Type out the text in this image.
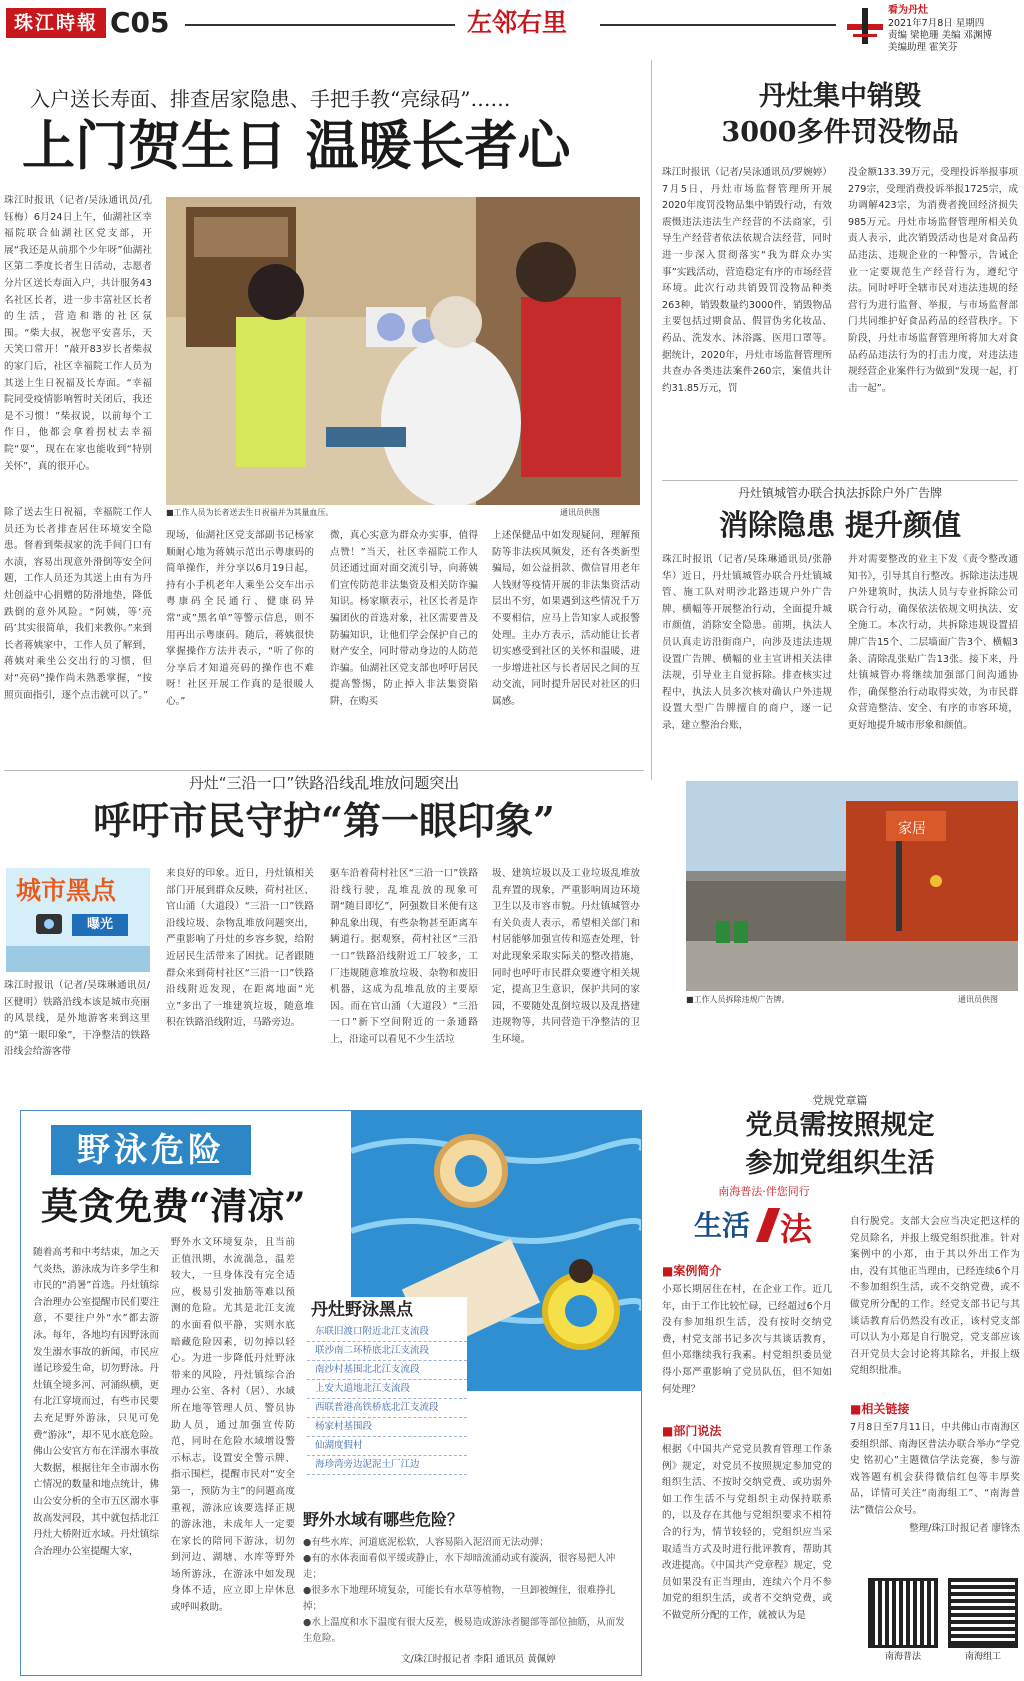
珠江時報 C05	左邻右里	看为丹灶
2021年7月8日 星期四
责编 梁艳珊 美编 邓渊博
美编助理 霍笑芬
入户送长寿面、排查居家隐患、手把手教“亮绿码”……
上门贺生日 温暖长者心
珠江时报讯（记者/吴泳通讯员/孔钰梅）6月24日上午，仙湖社区幸福院联合仙湖社区党支部，开展“我还是从前那个少年呀”仙湖社区第二季度长者生日活动，志愿者分片区送长寿面入户，共计服务43名社区长者，进一步丰富社区长者的生活，营造和谐的社区氛围。“柴大叔，祝您平安喜乐，天天笑口常开！”敲开83岁长者柴叔的家门后，社区幸福院工作人员为其送上生日祝福及长寿面。“幸福院同受疫情影响暂时关闭后，我还是不习惯！”柴叔说，以前每个工作日，他都会拿着拐杖去幸福院“耍”，现在在家也能收到“特别关怀”，真的很开心。
■工作人员为长者送去生日祝福并为其量血压。	通讯员供图
除了送去生日祝福，幸福院工作人员还为长者排查居住环境安全隐患。督着到柴叔家的洗手间门口有水渍，容易出现意外滑倒等安全问题，工作人员还为其送上由有为丹灶创益中心捐赠的防滑地垫，降低跌倒的意外风险。“阿姨，等‘亮码’其实很简单，我们来教你。”来到长者蒋姨家中，工作人员了解到，蒋姨对乘坐公交出行的习惯，但对“亮码”操作尚未熟悉掌握，“按照页面指引，逐个点击就可以了。”
现场，仙湖社区党支部副书记杨家顺耐心地为蒋姨示范出示粤康码的简单操作，并分享以6月19日起，持有小手机老年人乘坐公交车出示粤康码全民通行、健康码异常“或”黑名单”等警示信息，则不用再出示粤康码。随后，蒋姨很快掌握操作方法并表示，“听了你的分享后才知道亮码的操作也不难呀！社区开展工作真的是很暖人心。”
微，真心实意为群众办实事，值得点赞！”当天，社区幸福院工作人员还通过面对面交流引导，向蒋姨们宣传防范非法集资及相关防诈骗知识。杨家顺表示，社区长者是诈骗团伙的首选对象，社区需要普及防骗知识，让他们学会保护自己的财产安全，同时带动身边的人防范诈骗。仙湖社区党支部也呼吁居民提高警惕，防止掉入非法集资陷阱，在购买
上述保健品中如发现疑问，理解预防等非法疾风频发，还有各类新型骗局，如公益捐款、微信冒用老年人钱财等疫情开展的非法集资活动层出不穷，如果遇到这些情况千万不要相信，应马上告知家人或报警处理。主办方表示，活动能让长者切实感受到社区的关怀和温暖，进一步增进社区与长者居民之间的互动交流，同时提升居民对社区的归属感。
丹灶集中销毁
3000多件罚没物品
珠江时报讯（记者/吴泳通讯员/罗婉婷）7月5日，丹灶市场监督管理所开展2020年度罚没物品集中销毁行动，有效震慑违法违法生产经营的不法商家，引导生产经营者依法依规合法经营，同时进一步深入贯彻落实“我为群众办实事”实践活动，营造稳定有序的市场经营环境。此次行动共销毁罚没物品种类263种，销毁数量约3000件，销毁物品主要包括过期食品、假冒伪劣化妆品、药品、洗发水、沐浴露、医用口罩等。据统计，2020年，丹灶市场监督管理所共查办各类违法案件260宗，案值共计约31.85万元，罚
没金额133.39万元，受理投诉举报事项279宗，受理消费投诉举报1725宗，成功调解423宗，为消费者挽回经济损失985万元。丹灶市场监督管理所相关负责人表示，此次销毁活动也是对食品药品违法、违规企业的一种警示，告诫企业一定要规范生产经营行为，遵纪守法。同时呼吁全辖市民对违法违规的经营行为进行监督、举报，与市场监督部门共同维护好食品药品的经营秩序。下阶段，丹灶市场监督管理所将加大对食品药品违法行为的打击力度，对违法违规经营企业案件行为做到“发现一起，打击一起”。
丹灶镇城管办联合执法拆除户外广告牌
消除隐患 提升颜值
珠江时报讯（记者/吴珠琳通讯员/张静华）近日，丹灶镇城管办联合丹灶镇城管、施工队对明沙北路违规户外广告牌、横幅等开展整治行动，全面提升城市颜值，消除安全隐患。前期，执法人员认真走访沿街商户，向涉及违法违规设置广告牌、横幅的业主宣讲相关法律法规，引导业主自觉拆除。排查核实过程中，执法人员多次核对确认户外违规设置大型广告牌擅自的商户，逐一记录，建立整治台账，
并对需要整改的业主下发《责令整改通知书》，引导其自行整改。拆除违法违规户外建筑时，执法人员与专业拆除公司联合行动，确保依法依规文明执法、安全施工。本次行动，共拆除违规设置招牌广告15个、二层墙面广告3个、横幅3条、清除乱张贴广告13张。接下来，丹灶镇城管办将继续加强部门间沟通协作，确保整治行动取得实效，为市民群众营造整洁、安全、有序的市容环境，更好地提升城市形象和颜值。
家居
■工作人员拆除违规广告牌。	通讯员供图
丹灶“三沿一口”铁路沿线乱堆放问题突出
呼吁市民守护“第一眼印象”
城市黑点
曝光
珠江时报讯（记者/吴珠琳通讯员/区健明）铁路沿线本该是城市亮丽的风景线，是外地游客来到这里的“第一眼印象”，干净整洁的铁路沿线会给游客带
来良好的印象。近日，丹灶镇相关部门开展到群众反映，荷村社区、官山涌（大道段）“三沿一口”铁路沿线垃圾、杂物乱堆放问题突出，严重影响了丹灶的乡容乡貌，给附近居民生活带来了困扰。记者跟随群众来到荷村社区“三沿一口”铁路沿线附近发现，在距离地面“光立”多出了一堆建筑垃圾，随意堆积在铁路沿线附近，马路旁边。
驱车沿着荷村社区“三沿一口”铁路沿线行驶，乱堆乱放的现象可谓“随目即忆”，阿强数目米便有这种乱象出现，有些杂物甚至距离车辆道行。据观察，荷村社区“三沿一口”铁路沿线附近工厂较多，工厂违规随意堆放垃圾、杂物和废旧机器，这成为乱堆乱放的主要原因。而在官山涌（大道段）“三沿一口”新下空间附近的一条通路上，沿途可以看见不少生活垃
圾、建筑垃圾以及工业垃圾乱堆放乱弃置的现象，严重影响周边环境卫生以及市容市貌。丹灶镇城管办有关负责人表示，希望相关部门和村居能够加强宣传和巡查处理，针对此现象采取实际关的整改措施，同时也呼吁市民群众要遵守相关规定，提高卫生意识，保护共同的家园，不要随处乱倒垃圾以及乱搭建违规物等，共同营造干净整洁的卫生环境。
野泳危险
莫贪免费“清凉”
随着高考和中考结束，加之天气炎热，游泳成为许多学生和市民的“消暑”首选。丹灶镇综合治理办公室提醒市民们要注意，不要往户外“水”都去游泳。每年，各地均有因野泳而发生溺水事故的新闻，市民应谨记珍爱生命，切勿野泳。丹灶镇全境多河、河涌纵横，更有北江穿境而过，有些市民要去充足野外游泳，只见可免费“游泳”，却不见水底危险。佛山公安官方布在洋溺水事故大数据，根据往年全市溺水伤亡情况的数量和地点统计，佛山公安分析的全市五区溺水事故高发河段，其中就包括北江丹灶大桥附近水域。丹灶镇综合治理办公室提醒大家，
野外水文环境复杂，且当前正值汛期，水流湍急，温差较大，一旦身体没有完全适应，极易引发抽筋等难以预测的危险。尤其是北江支流的水面看似平静，实则水底暗藏危险因素，切勿掉以轻心。为进一步降低丹灶野泳带来的风险，丹灶镇综合治理办公室、各村（居）、水域所在地等管理人员、警员协助人员，通过加强宣传防范，同时在危险水域增设警示标志，设置安全警示牌、指示围栏，提醒市民对“安全第一，预防为主”的问题高度重视，游泳应该要选择正规的游泳池，未成年人一定要在家长的陪同下游泳，切勿到河边、湖塘、水库等野外场所游泳，在游泳中如发现身体不适，应立即上岸休息或呼叫救助。
丹灶野泳黑点
东联旧渡口附近北江支流段
联沙南二环桥底北江支流段
南沙村基围北北江支流段
上安大道地北江支流段
西联普港高铁桥底北江支流段
杨家村基围段
仙湖度假村
海珍湾旁边泥泥土厂江边
野外水域有哪些危险？
●有些水库、河道底泥松软，人容易陷入泥沼而无法动弹；
●有的水体表面看似平缓或静止，水下却暗流涌动或有漩涡，很容易把人冲走；
●很多水下地理环境复杂，可能长有水草等植物，一旦卸被缠住，很难挣扎掉；
●水上温度和水下温度有很大反差，极易造成游泳者腿部等部位抽筋，从而发生危险。
文/珠江时报记者 李阳 通讯员 黄佩婷
党规党章篇
党员需按照规定
参加党组织生活
南海普法·伴您同行
生活 法
■案例简介
小郑长期居住在村，在企业工作。近几年，由于工作比较忙碌，已经超过6个月没有参加组织生活，没有按时交纳党费，村党支部书记多次与其谈话教育，但小郑继续我行我素。村党组织委员觉得小郑严重影响了党员队伍，但不知如何处理？
■部门说法
根据《中国共产党党员教育管理工作条例》规定，对党员不按照规定参加党的组织生活、不按时交纳党费、或功弱外如工作生活不与党组织主动保持联系的，以及存在其他与党组织要求不相符合的行为，情节较轻的，党组织应当采取适当方式及时进行批评教育，帮助其改进提高。《中国共产党章程》规定，党员如果没有正当理由，连续六个月不参加党的组织生活，或者不交纳党费，或不做党所分配的工作，就被认为是
自行脱党。支部大会应当决定把这样的党员除名，并报上级党组织批准。针对案例中的小郑，由于其以外出工作为由，没有其他正当理由，已经连续6个月不参加组织生活，或不交纳党费，或不做党所分配的工作。经党支部书记与其谈话教育后仍然没有改正，该村党支部可以认为小郑是自行脱党，党支部应该召开党员大会讨论将其除名，并报上级党组织批准。
■相关链接
7月8日至7月11日，中共佛山市南海区委组织部、南海区普法办联合举办“学党史 铭初心”主题微信学法竞赛，参与游戏答题有机会获得微信红包等丰厚奖品，详情可关注“南海组工”、“南海普法”微信公众号。
整理/珠江时报记者 廖锋杰
南海普法	南海组工
